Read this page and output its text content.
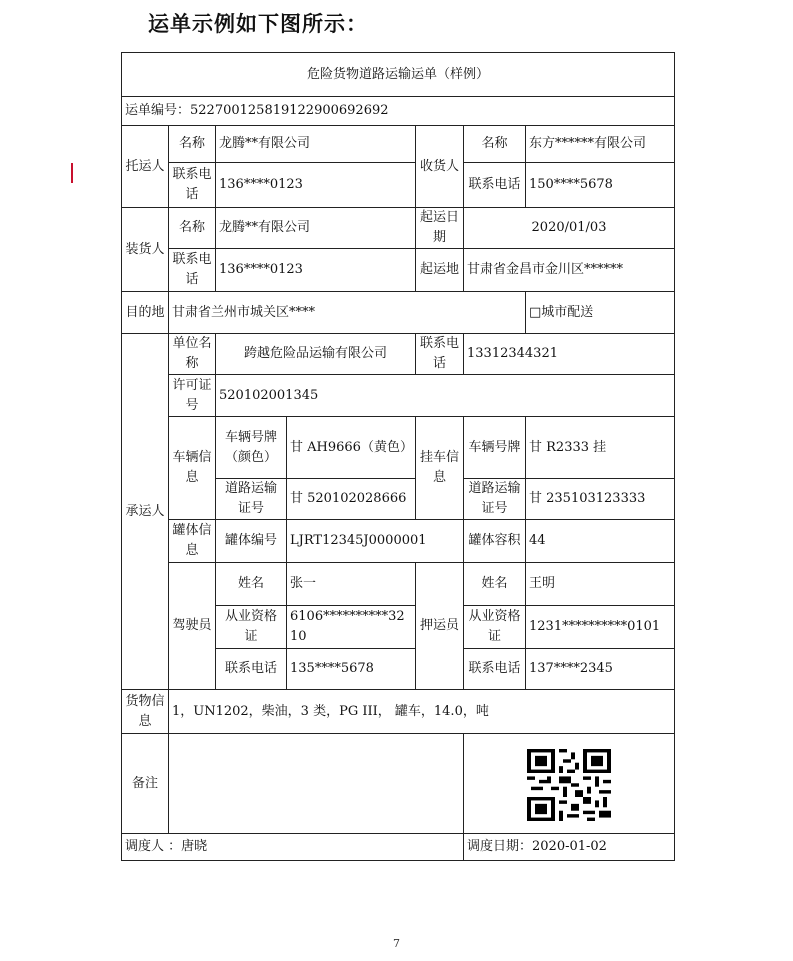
运单示例如下图所示：
危险货物道路运输运单（样例）						
运单编号：522700125819122900692692						
托运人	名称	龙腾**有限公司		收货人	名称	东方******有限公司
	联系电话	136****0123			联系电话	150****5678
装货人	名称	龙腾**有限公司		起运日期	2020/01/03	
	联系电话	136****0123		起运地	甘肃省金昌市金川区******	
目的地	甘肃省兰州市城关区****					□城市配送
承运人	单位名称	跨越危险品运输有限公司		联系电话	13312344321	
	许可证号	520102001345				
	车辆信息	车辆号牌（颜色）	甘 AH9666（黄色）	挂车信息	车辆号牌	甘 R2333 挂
		道路运输证号	甘 520102028666		道路运输证号	甘 235103123333
	罐体信息	罐体编号	LJRT12345J0000001		罐体容积	44
	驾驶员	姓名	张一	押运员	姓名	王明
		从业资格证	6106**********3210		从业资格证	1231**********0101
		联系电话	135****5678		联系电话	137****2345
货物信息	1，UN1202，柴油，3 类，PG III， 罐车，14.0，吨					
备注		

调度人 ：唐晓					调度日期：2020-01-02	
7
